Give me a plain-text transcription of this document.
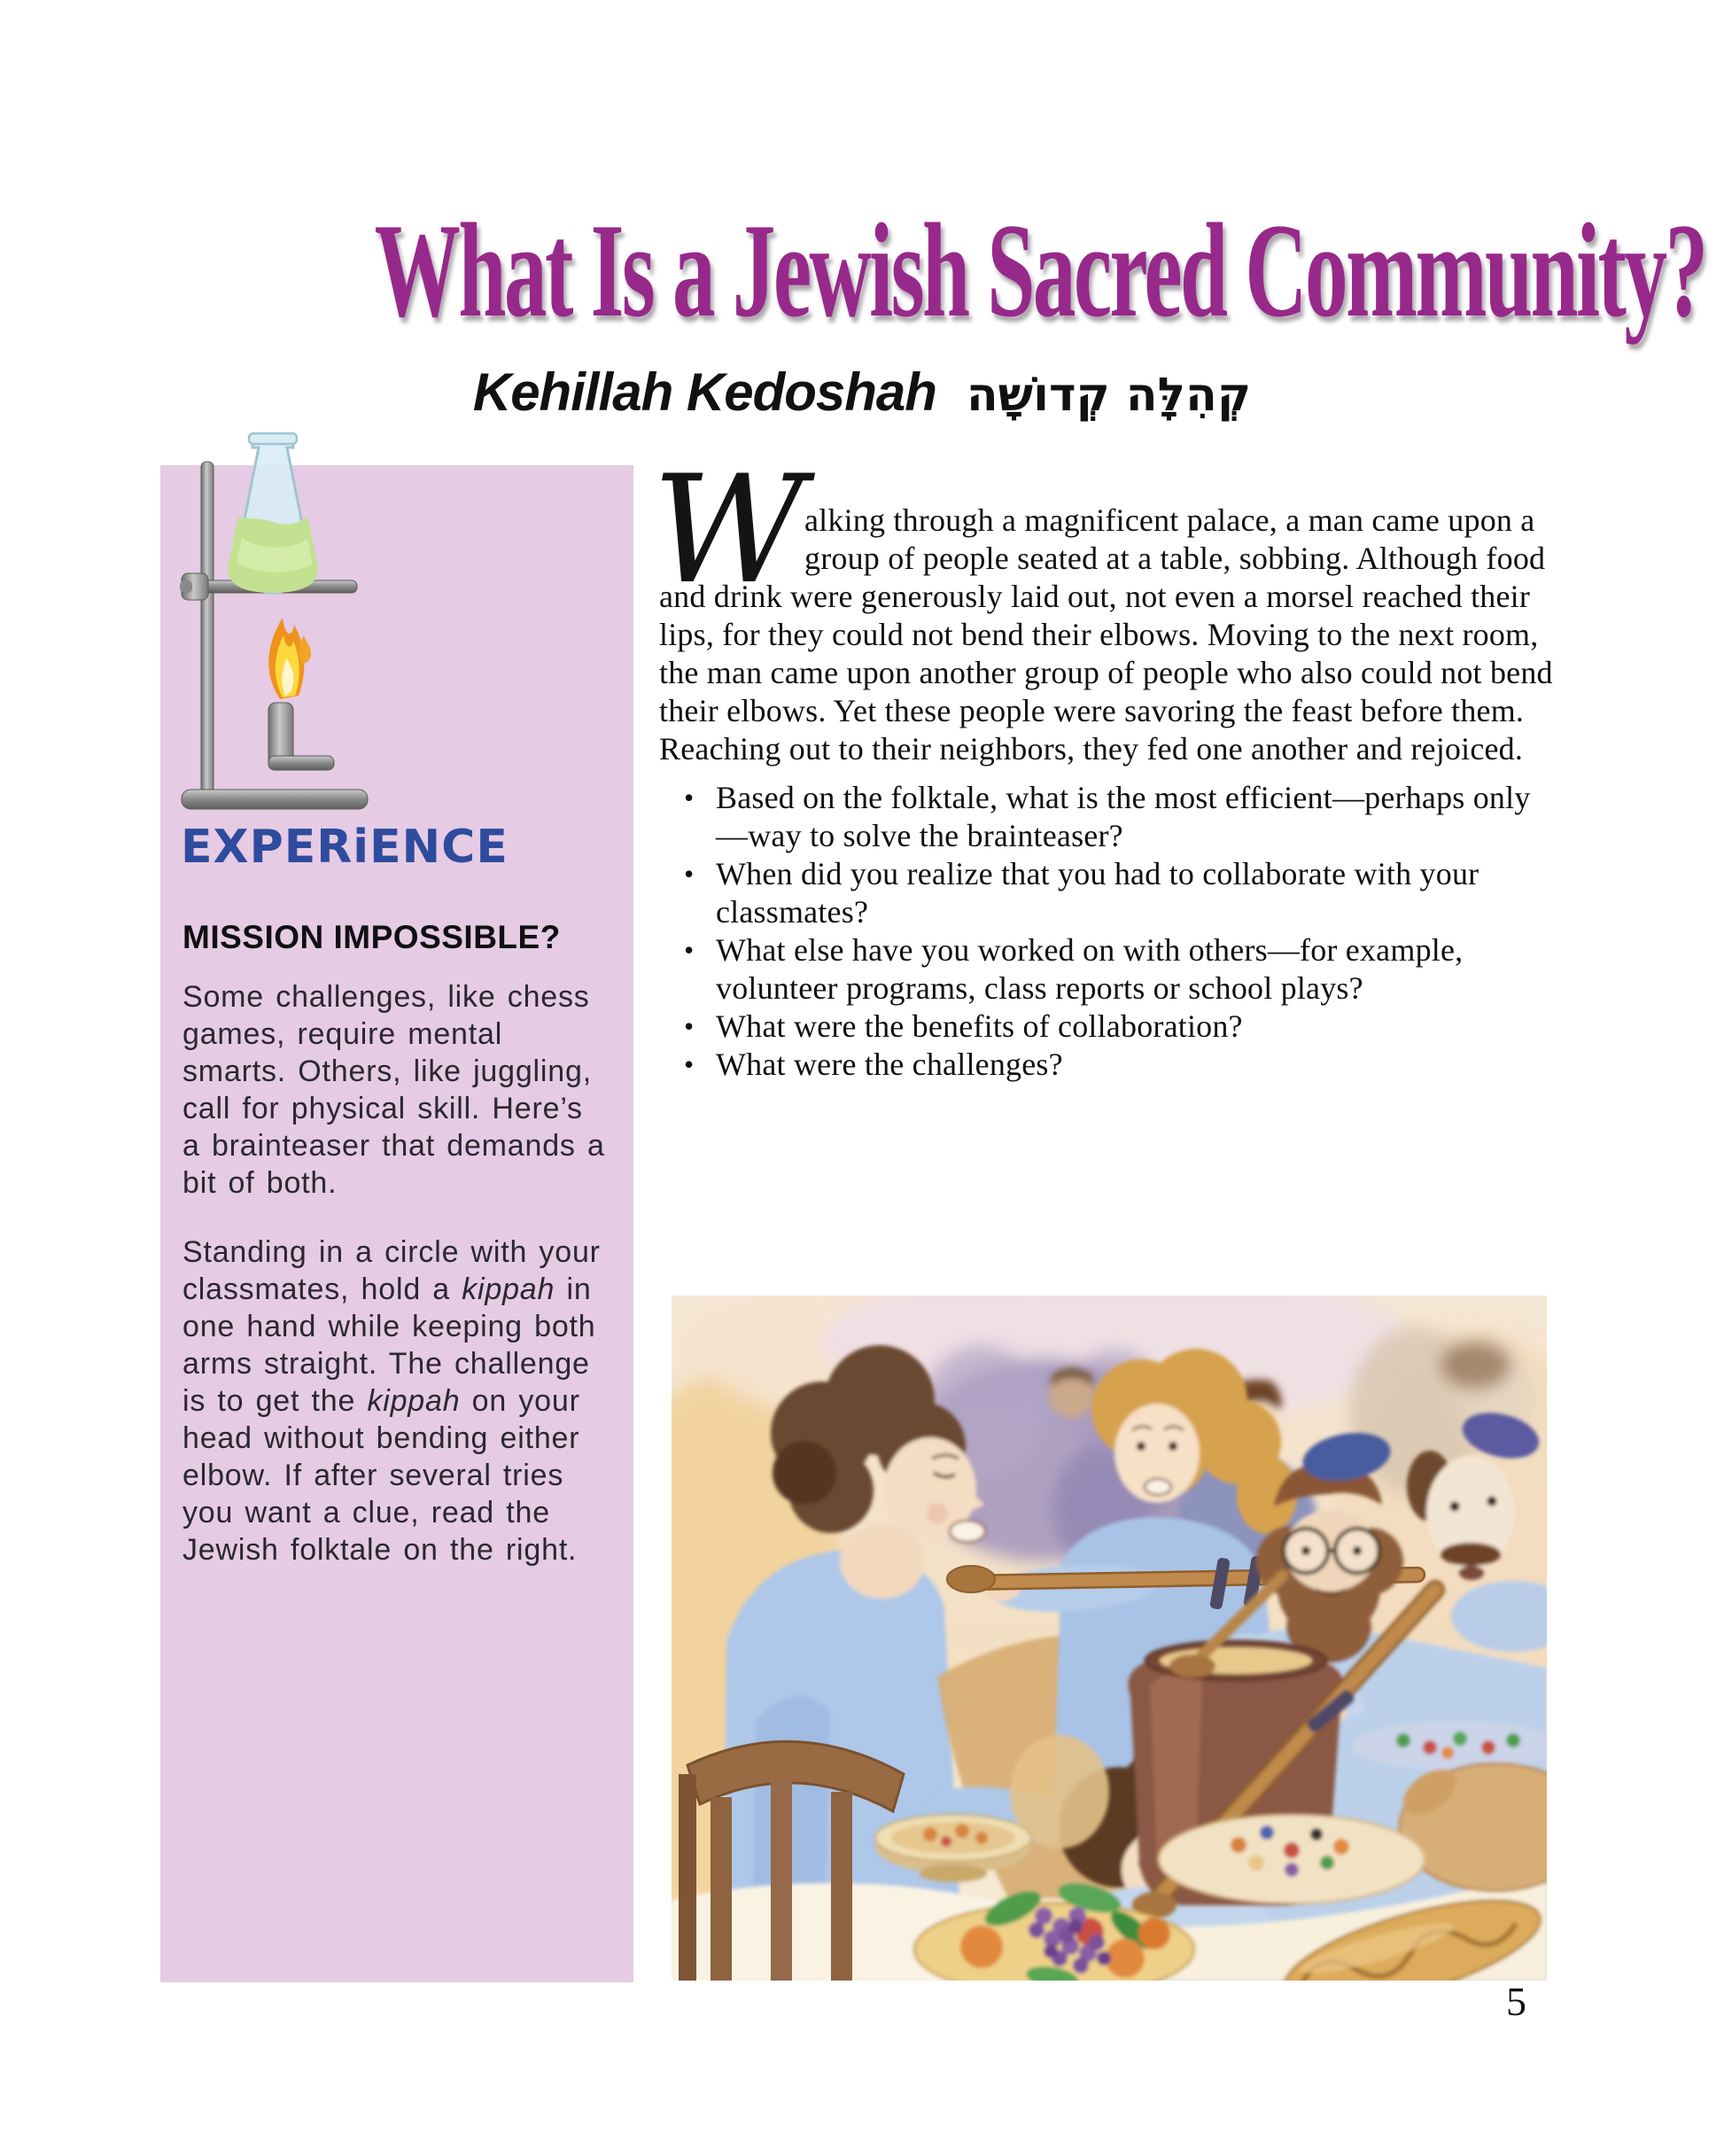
What Is a Jewish Sacred Community?
Kehillah Kedoshah קְהִלָּה קְדוֹשָׁה
EXPERiENCE
MISSION IMPOSSIBLE?

Some challenges, like chess games, require mental smarts. Others, like juggling, call for physical skill. Here’s a brainteaser that demands a bit of both.

Standing in a circle with your classmates, hold a kippah in one hand while keeping both arms straight. The challenge is to get the kippah on your head without bending either elbow. If after several tries you want a clue, read the Jewish folktale on the right.

W alking through a magnificent palace, a man came upon a group of people seated at a table, sobbing. Although food and drink were generously laid out, not even a morsel reached their lips, for they could not bend their elbows. Moving to the next room, the man came upon another group of people who also could not bend their elbows. Yet these people were savoring the feast before them. Reaching out to their neighbors, they fed one another and rejoiced.

• Based on the folktale, what is the most efficient—perhaps only—way to solve the brainteaser?
• When did you realize that you had to collaborate with your classmates?
• What else have you worked on with others—for example, volunteer programs, class reports or school plays?
• What were the benefits of collaboration?
• What were the challenges?
5
